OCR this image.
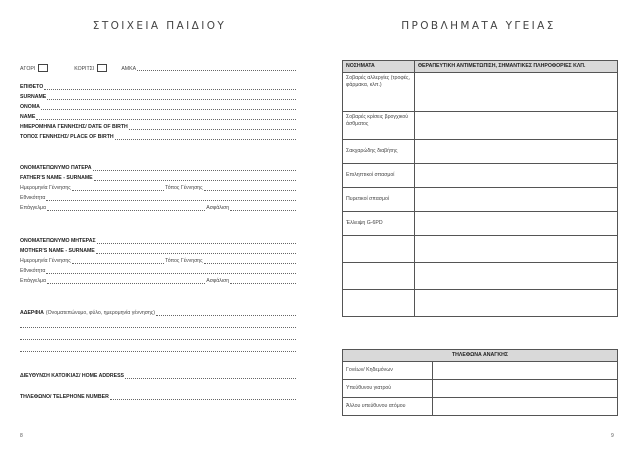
ΣΤΟΙΧΕΙΑ ΠΑΙΔΙΟΥ
ΑΓΟΡΙ	ΚΟΡΙΤΣΙ	ΑΜΚΑ
ΕΠΙΘΕΤΟ
SURNAME
ΟΝΟΜΑ
NAME
ΗΜΕΡΟΜΗΝΙΑ ΓΕΝΝΗΣΗΣ/ DATE OF BIRTH
ΤΟΠΟΣ ΓΕΝΝΗΣΗΣ/ PLACE OF BIRTH
ΟΝΟΜΑΤΕΠΩΝΥΜΟ ΠΑΤΕΡΑ
FATHER'S NAME - SURNAME
Ημερομηνία Γέννησης	Τόπος Γέννησης
Εθνικότητα
Επάγγελμα	Ασφάλιση
ΟΝΟΜΑΤΕΠΩΝΥΜΟ ΜΗΤΕΡΑΣ
MOTHER'S NAME - SURNAME
Ημερομηνία Γέννησης	Τόπος Γέννησης
Εθνικότητα
Επάγγελμα	Ασφάλιση
ΑΔΕΡΦΙΑ (Ονοματεπώνυμο, φύλο, ημερομηνία γέννησης)
ΔΙΕΥΘΥΝΣΗ ΚΑΤΟΙΚΙΑΣ/ HOME ADDRESS
ΤΗΛΕΦΩΝΟ/ TELEPHONE NUMBER
8
ΠΡΟΒΛΗΜΑΤΑ ΥΓΕΙΑΣ
ΝΟΣΗΜΑΤΑ	ΘΕΡΑΠΕΥΤΙΚΗ ΑΝΤΙΜΕΤΩΠΙΣΗ, ΣΗΜΑΝΤΙΚΕΣ ΠΛΗΡΟΦΟΡΙΕΣ ΚΛΠ.
Σοβαρές αλλεργίες (τροφές, φάρμακα, κλπ.)	
Σοβαρές κρίσεις βρογχικού άσθματος	
Σακχαρώδης διαβήτης	
Επιληπτικοί σπασμοί	
Πυρετικοί σπασμοί	
Έλλειψη G-6PD	

ΤΗΛΕΦΩΝΑ ΑΝΑΓΚΗΣ	
Γονέων/ Κηδεμόνων	
Υπεύθυνου γιατρού	
Άλλου υπεύθυνου ατόμου	
9
